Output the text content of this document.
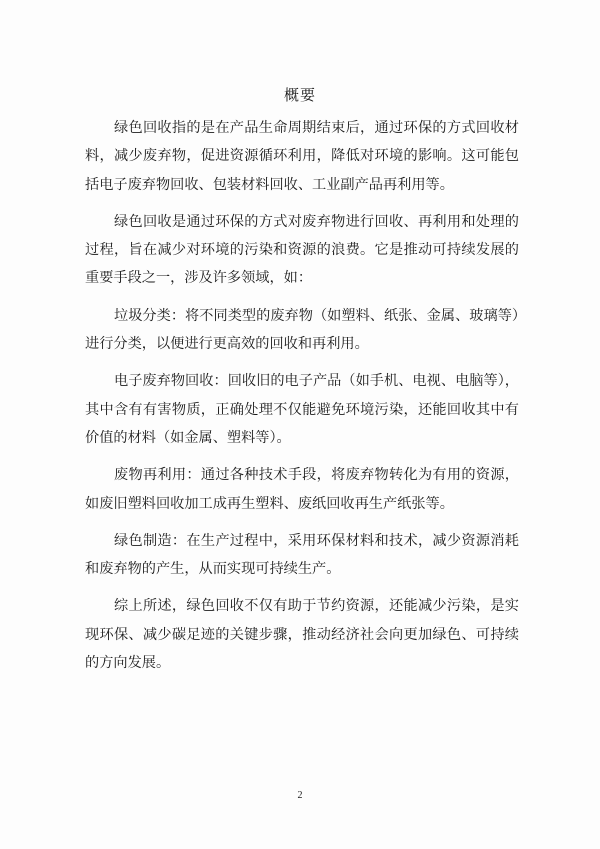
概要

绿色回收指的是在产品生命周期结束后，通过环保的方式回收材料，减少废弃物，促进资源循环利用，降低对环境的影响。这可能包括电子废弃物回收、包装材料回收、工业副产品再利用等。

绿色回收是通过环保的方式对废弃物进行回收、再利用和处理的过程，旨在减少对环境的污染和资源的浪费。它是推动可持续发展的重要手段之一，涉及许多领域，如：

垃圾分类：将不同类型的废弃物（如塑料、纸张、金属、玻璃等）进行分类，以便进行更高效的回收和再利用。

电子废弃物回收：回收旧的电子产品（如手机、电视、电脑等），其中含有有害物质，正确处理不仅能避免环境污染，还能回收其中有价值的材料（如金属、塑料等）。

废物再利用：通过各种技术手段，将废弃物转化为有用的资源，如废旧塑料回收加工成再生塑料、废纸回收再生产纸张等。

绿色制造：在生产过程中，采用环保材料和技术，减少资源消耗和废弃物的产生，从而实现可持续生产。

综上所述，绿色回收不仅有助于节约资源，还能减少污染，是实现环保、减少碳足迹的关键步骤，推动经济社会向更加绿色、可持续的方向发展。

2
